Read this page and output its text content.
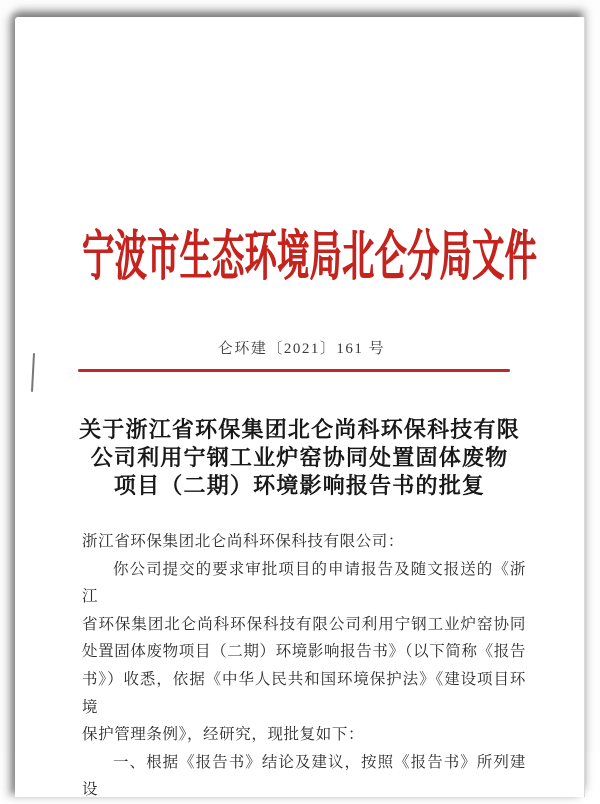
宁波市生态环境局北仑分局文件
仑环建〔2021〕161 号
关于浙江省环保集团北仑尚科环保科技有限
公司利用宁钢工业炉窑协同处置固体废物
项目（二期）环境影响报告书的批复

浙江省环保集团北仑尚科环保科技有限公司：

你公司提交的要求审批项目的申请报告及随文报送的《浙江

省环保集团北仑尚科环保科技有限公司利用宁钢工业炉窑协同

处置固体废物项目（二期）环境影响报告书》（以下简称《报告

书》）收悉，依据《中华人民共和国环境保护法》《建设项目环境

保护管理条例》，经研究，现批复如下：

一、根据《报告书》结论及建议，按照《报告书》所列建设
